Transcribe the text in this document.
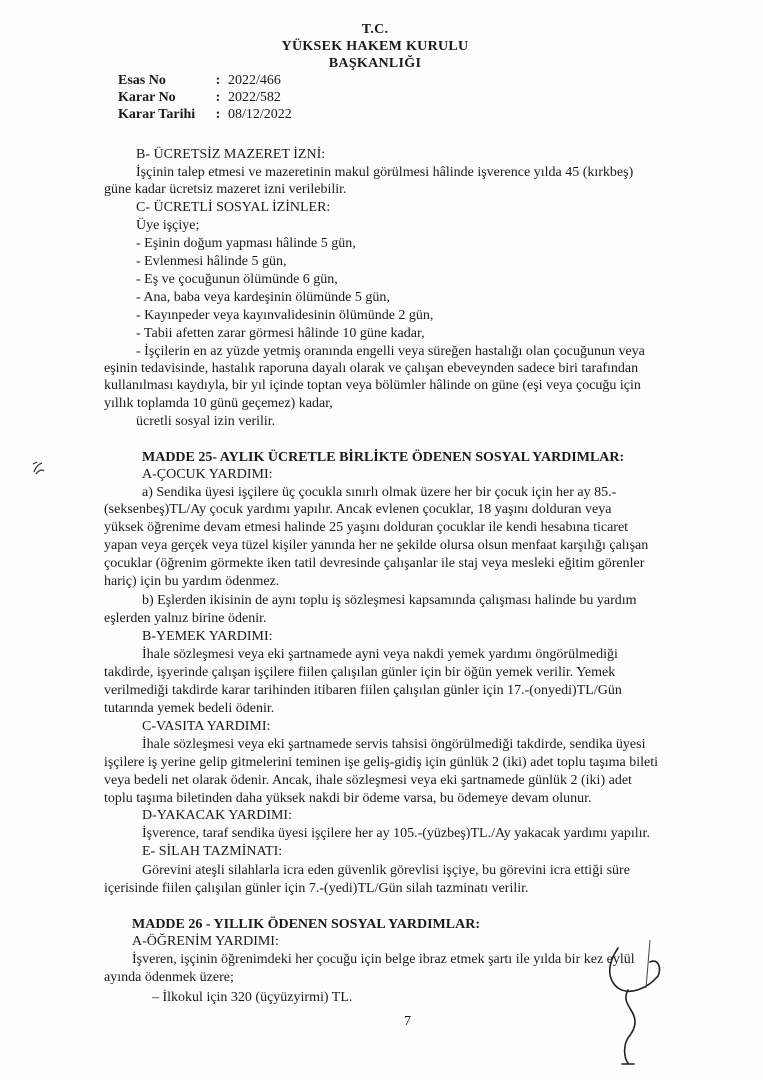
T.C.
YÜKSEK HAKEM KURULU
BAŞKANLIĞI
Esas No	: 2022/466
Karar No	: 2022/582
Karar Tarihi	: 08/12/2022
B- ÜCRETSİZ MAZERET İZNİ:
İşçinin talep etmesi ve mazeretinin makul görülmesi hâlinde işverence yılda 45 (kırkbeş)
güne kadar ücretsiz mazeret izni verilebilir.
C- ÜCRETLİ SOSYAL İZİNLER:
Üye işçiye;
- Eşinin doğum yapması hâlinde 5 gün,
- Evlenmesi hâlinde 5 gün,
- Eş ve çocuğunun ölümünde 6 gün,
- Ana, baba veya kardeşinin ölümünde 5 gün,
- Kayınpeder veya kayınvalidesinin ölümünde 2 gün,
- Tabii afetten zarar görmesi hâlinde 10 güne kadar,
- İşçilerin en az yüzde yetmiş oranında engelli veya süreğen hastalığı olan çocuğunun veya
eşinin tedavisinde, hastalık raporuna dayalı olarak ve çalışan ebeveynden sadece biri tarafından
kullanılması kaydıyla, bir yıl içinde toptan veya bölümler hâlinde on güne (eşi veya çocuğu için
yıllık toplamda 10 günü geçemez) kadar,
ücretli sosyal izin verilir.
MADDE 25- AYLIK ÜCRETLE BİRLİKTE ÖDENEN SOSYAL YARDIMLAR:
A-ÇOCUK YARDIMI:
a) Sendika üyesi işçilere üç çocukla sınırlı olmak üzere her bir çocuk için her ay 85.-
(seksenbeş)TL/Ay çocuk yardımı yapılır. Ancak evlenen çocuklar, 18 yaşını dolduran veya
yüksek öğrenime devam etmesi halinde 25 yaşını dolduran çocuklar ile kendi hesabına ticaret
yapan veya gerçek veya tüzel kişiler yanında her ne şekilde olursa olsun menfaat karşılığı çalışan
çocuklar (öğrenim görmekte iken tatil devresinde çalışanlar ile staj veya mesleki eğitim görenler
hariç) için bu yardım ödenmez.
b) Eşlerden ikisinin de aynı toplu iş sözleşmesi kapsamında çalışması halinde bu yardım
eşlerden yalnız birine ödenir.
B-YEMEK YARDIMI:
İhale sözleşmesi veya eki şartnamede ayni veya nakdi yemek yardımı öngörülmediği
takdirde, işyerinde çalışan işçilere fiilen çalışılan günler için bir öğün yemek verilir. Yemek
verilmediği takdirde karar tarihinden itibaren fiilen çalışılan günler için 17.-(onyedi)TL/Gün
tutarında yemek bedeli ödenir.
C-VASITA YARDIMI:
İhale sözleşmesi veya eki şartnamede servis tahsisi öngörülmediği takdirde, sendika üyesi
işçilere iş yerine gelip gitmelerini teminen işe geliş-gidiş için günlük 2 (iki) adet toplu taşıma bileti
veya bedeli net olarak ödenir. Ancak, ihale sözleşmesi veya eki şartnamede günlük 2 (iki) adet
toplu taşıma biletinden daha yüksek nakdi bir ödeme varsa, bu ödemeye devam olunur.
D-YAKACAK YARDIMI:
İşverence, taraf sendika üyesi işçilere her ay 105.-(yüzbeş)TL./Ay yakacak yardımı yapılır.
E- SİLAH TAZMİNATI:
Görevini ateşli silahlarla icra eden güvenlik görevlisi işçiye, bu görevini icra ettiği süre
içerisinde fiilen çalışılan günler için 7.-(yedi)TL/Gün silah tazminatı verilir.
MADDE 26 - YILLIK ÖDENEN SOSYAL YARDIMLAR:
A-ÖĞRENİM YARDIMI:
İşveren, işçinin öğrenimdeki her çocuğu için belge ibraz etmek şartı ile yılda bir kez eylül
ayında ödenmek üzere;
– İlkokul için 320 (üçyüzyirmi) TL.
7
